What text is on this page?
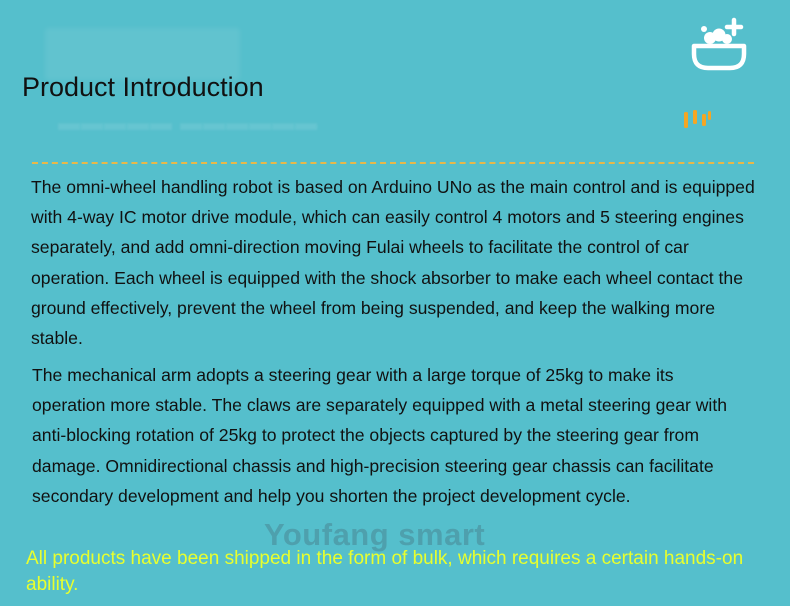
▬▬▬▬▬ ▬▬▬▬▬▬
Product Introduction

The omni-wheel handling robot is based on Arduino UNo as the main control and is equipped with 4-way IC motor drive module, which can easily control 4 motors and 5 steering engines separately, and add omni-direction moving Fulai wheels to facilitate the control of car operation. Each wheel is equipped with the shock absorber to make each wheel contact the ground effectively, prevent the wheel from being suspended, and keep the walking more stable.

The mechanical arm adopts a steering gear with a large torque of 25kg to make its operation more stable. The claws are separately equipped with a metal steering gear with anti-blocking rotation of 25kg to protect the objects captured by the steering gear from damage. Omnidirectional chassis and high-precision steering gear chassis can facilitate secondary development and help you shorten the project development cycle.

Youfang smart

All products have been shipped in the form of bulk, which requires a certain hands-on ability.
